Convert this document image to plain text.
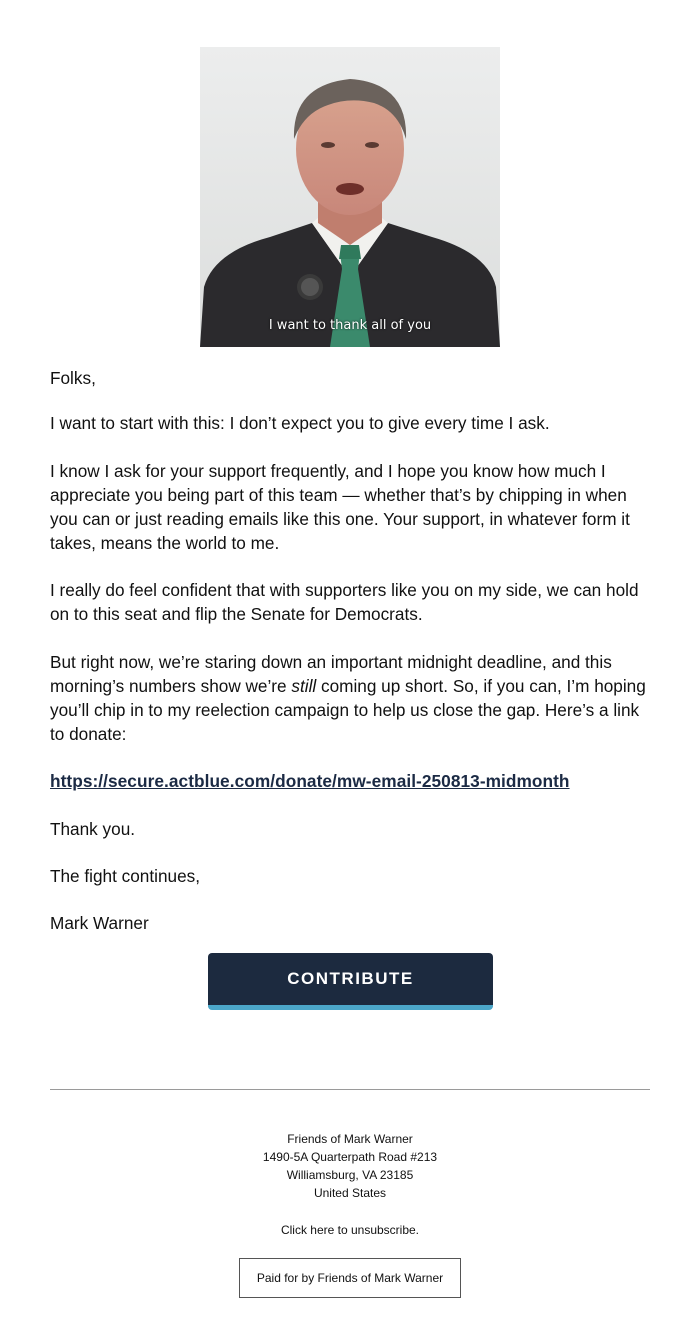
I want to thank all of you

Folks,

I want to start with this: I don’t expect you to give every time I ask.

I know I ask for your support frequently, and I hope you know how much I appreciate you being part of this team — whether that’s by chipping in when you can or just reading emails like this one. Your support, in whatever form it takes, means the world to me.

I really do feel confident that with supporters like you on my side, we can hold on to this seat and flip the Senate for Democrats.

But right now, we’re staring down an important midnight deadline, and this morning’s numbers show we’re still coming up short. So, if you can, I’m hoping you’ll chip in to my reelection campaign to help us close the gap. Here’s a link to donate:

https://secure.actblue.com/donate/mw-email-250813-midmonth

Thank you.

The fight continues,

Mark Warner

CONTRIBUTE
Friends of Mark Warner
1490-5A Quarterpath Road #213
Williamsburg, VA 23185
United States
Click here to unsubscribe.
Paid for by Friends of Mark Warner
